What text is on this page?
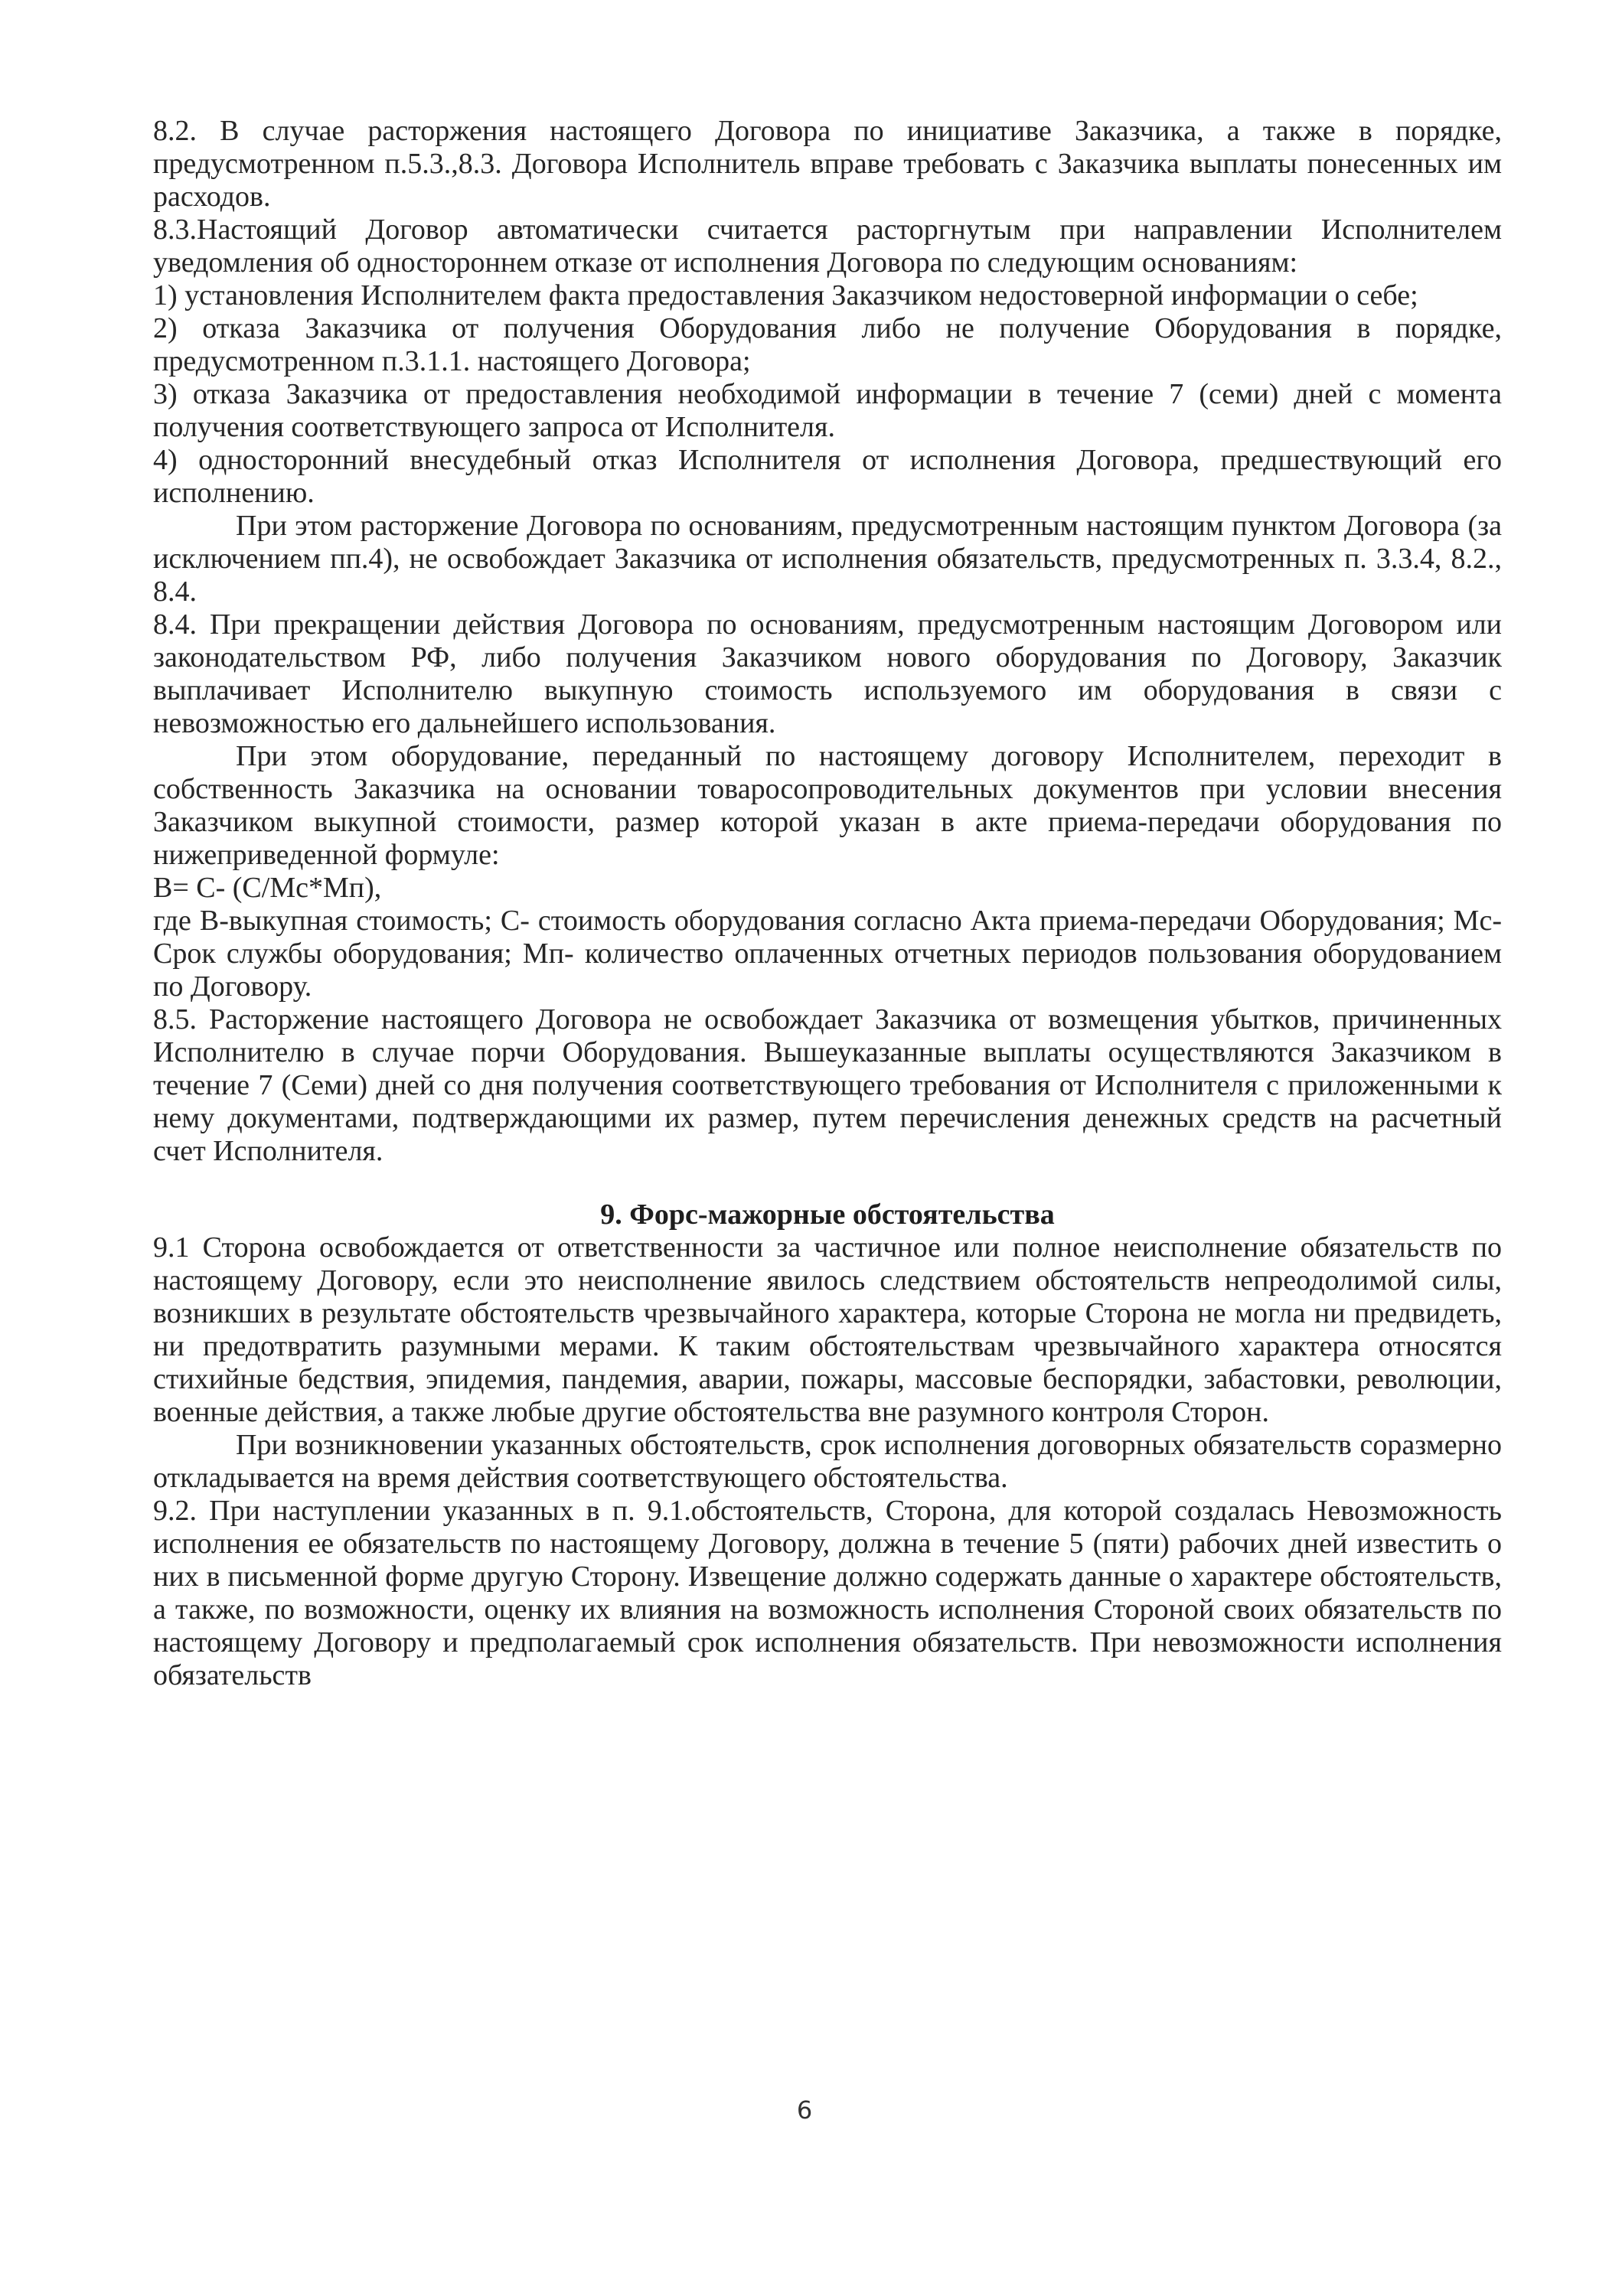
8.2. В случае расторжения настоящего Договора по инициативе Заказчика, а также в порядке, предусмотренном п.5.3.,8.3. Договора Исполнитель вправе требовать с Заказчика выплаты понесенных им расходов.

8.3.Настоящий Договор автоматически считается расторгнутым при направлении Исполнителем уведомления об одностороннем отказе от исполнения Договора по следующим основаниям:

1) установления Исполнителем факта предоставления Заказчиком недостоверной информации о себе;

2) отказа Заказчика от получения Оборудования либо не получение Оборудования в порядке, предусмотренном п.3.1.1. настоящего Договора;

3) отказа Заказчика от предоставления необходимой информации в течение 7 (семи) дней с момента получения соответствующего запроса от Исполнителя.

4) односторонний внесудебный отказ Исполнителя от исполнения Договора, предшествующий его исполнению.

При этом расторжение Договора по основаниям, предусмотренным настоящим пунктом Договора (за исключением пп.4), не освобождает Заказчика от исполнения обязательств, предусмотренных п. 3.3.4, 8.2., 8.4.

8.4. При прекращении действия Договора по основаниям, предусмотренным настоящим Договором или законодательством РФ, либо получения Заказчиком нового оборудования по Договору, Заказчик выплачивает Исполнителю выкупную стоимость используемого им оборудования в связи с невозможностью его дальнейшего использования.

При этом оборудование, переданный по настоящему договору Исполнителем, переходит в собственность Заказчика на основании товаросопроводительных документов при условии внесения Заказчиком выкупной стоимости, размер которой указан в акте приема-передачи оборудования по нижеприведенной формуле:

В= С- (С/Мс*Мп),

где В-выкупная стоимость; С- стоимость оборудования согласно Акта приема-передачи Оборудования; Мс- Срок службы оборудования; Мп- количество оплаченных отчетных периодов пользования оборудованием по Договору.

8.5. Расторжение настоящего Договора не освобождает Заказчика от возмещения убытков, причиненных Исполнителю в случае порчи Оборудования. Вышеуказанные выплаты осуществляются Заказчиком в течение 7 (Семи) дней со дня получения соответствующего требования от Исполнителя с приложенными к нему документами, подтверждающими их размер, путем перечисления денежных средств на расчетный счет Исполнителя.

9. Форс-мажорные обстоятельства

9.1 Сторона освобождается от ответственности за частичное или полное неисполнение обязательств по настоящему Договору, если это неисполнение явилось следствием обстоятельств непреодолимой силы, возникших в результате обстоятельств чрезвычайного характера, которые Сторона не могла ни предвидеть, ни предотвратить разумными мерами. К таким обстоятельствам чрезвычайного характера относятся стихийные бедствия, эпидемия, пандемия, аварии, пожары, массовые беспорядки, забастовки, революции, военные действия, а также любые другие обстоятельства вне разумного контроля Сторон.

При возникновении указанных обстоятельств, срок исполнения договорных обязательств соразмерно откладывается на время действия соответствующего обстоятельства.

9.2. При наступлении указанных в п. 9.1.обстоятельств, Сторона, для которой создалась Невозможность исполнения ее обязательств по настоящему Договору, должна в течение 5 (пяти) рабочих дней известить о них в письменной форме другую Сторону. Извещение должно содержать данные о характере обстоятельств, а также, по возможности, оценку их влияния на возможность исполнения Стороной своих обязательств по настоящему Договору и предполагаемый срок исполнения обязательств. При невозможности исполнения обязательств

6
